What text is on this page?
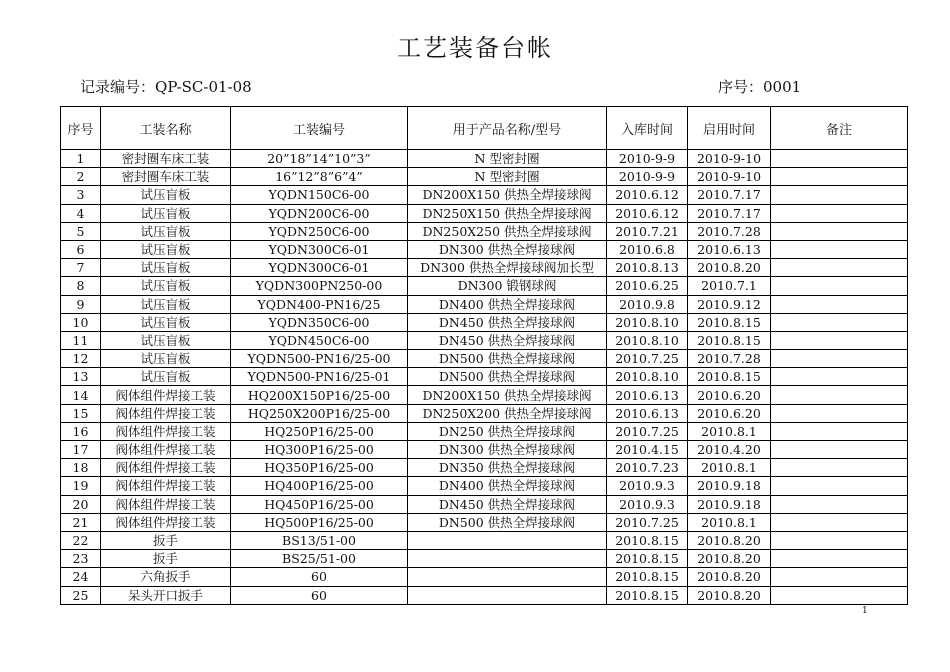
工艺装备台帐
记录编号：QP-SC-01-08	序号：0001
序号	工装名称	工装编号	用于产品名称/型号	入库时间	启用时间	备注
1	密封圈车床工装	20”18”14”10”3”	N 型密封圈	2010-9-9	2010-9-10	
2	密封圈车床工装	16”12”8”6”4”	N 型密封圈	2010-9-9	2010-9-10	
3	试压盲板	YQDN150C6-00	DN200X150 供热全焊接球阀	2010.6.12	2010.7.17	
4	试压盲板	YQDN200C6-00	DN250X150 供热全焊接球阀	2010.6.12	2010.7.17	
5	试压盲板	YQDN250C6-00	DN250X250 供热全焊接球阀	2010.7.21	2010.7.28	
6	试压盲板	YQDN300C6-01	DN300 供热全焊接球阀	2010.6.8	2010.6.13	
7	试压盲板	YQDN300C6-01	DN300 供热全焊接球阀加长型	2010.8.13	2010.8.20	
8	试压盲板	YQDN300PN250-00	DN300 锻钢球阀	2010.6.25	2010.7.1	
9	试压盲板	YQDN400-PN16/25	DN400 供热全焊接球阀	2010.9.8	2010.9.12	
10	试压盲板	YQDN350C6-00	DN450 供热全焊接球阀	2010.8.10	2010.8.15	
11	试压盲板	YQDN450C6-00	DN450 供热全焊接球阀	2010.8.10	2010.8.15	
12	试压盲板	YQDN500-PN16/25-00	DN500 供热全焊接球阀	2010.7.25	2010.7.28	
13	试压盲板	YQDN500-PN16/25-01	DN500 供热全焊接球阀	2010.8.10	2010.8.15	
14	阀体组件焊接工装	HQ200X150P16/25-00	DN200X150 供热全焊接球阀	2010.6.13	2010.6.20	
15	阀体组件焊接工装	HQ250X200P16/25-00	DN250X200 供热全焊接球阀	2010.6.13	2010.6.20	
16	阀体组件焊接工装	HQ250P16/25-00	DN250 供热全焊接球阀	2010.7.25	2010.8.1	
17	阀体组件焊接工装	HQ300P16/25-00	DN300 供热全焊接球阀	2010.4.15	2010.4.20	
18	阀体组件焊接工装	HQ350P16/25-00	DN350 供热全焊接球阀	2010.7.23	2010.8.1	
19	阀体组件焊接工装	HQ400P16/25-00	DN400 供热全焊接球阀	2010.9.3	2010.9.18	
20	阀体组件焊接工装	HQ450P16/25-00	DN450 供热全焊接球阀	2010.9.3	2010.9.18	
21	阀体组件焊接工装	HQ500P16/25-00	DN500 供热全焊接球阀	2010.7.25	2010.8.1	
22	扳手	BS13/51-00		2010.8.15	2010.8.20	
23	扳手	BS25/51-00		2010.8.15	2010.8.20	
24	六角扳手	60		2010.8.15	2010.8.20	
25	呆头开口扳手	60		2010.8.15	2010.8.20	
1
